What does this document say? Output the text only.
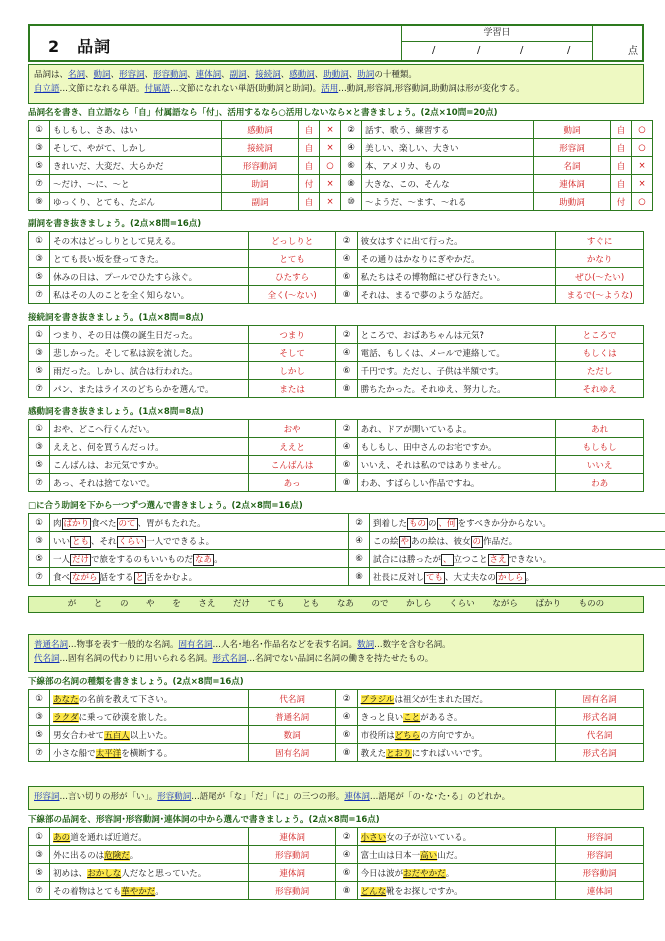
2　品詞
学習日
/	/	/	/	点
品詞は、名詞、動詞、形容詞、形容動詞、連体詞、副詞、接続詞、感動詞、助動詞、助詞の十種類。
自立語…文節になれる単語。付属語…文節になれない単語(助動詞と助詞)。活用…動詞,形容詞,形容動詞,助動詞は形が変化する。
品詞名を書き、自立語なら「自」付属語なら「付」、活用するなら○活用しないなら×と書きましょう。(2点×10問=20点)
①	もしもし、さあ、はい	感動詞	自	×	②	話す、歌う、練習する	動詞	自	○
③	そして、やがて、しかし	接続詞	自	×	④	美しい、楽しい、大きい	形容詞	自	○
⑤	きれいだ、大変だ、大らかだ	形容動詞	自	○	⑥	本、アメリカ、もの	名詞	自	×
⑦	～だけ、～に、～と	助詞	付	×	⑧	大きな、この、そんな	連体詞	自	×
⑨	ゆっくり、とても、たぶん	副詞	自	×	⑩	～ようだ、～ます、～れる	助動詞	付	○
副詞を書き抜きましょう。(2点×8問=16点)
①	その木はどっしりとして見える。	どっしりと	②	彼女はすぐに出て行った。	すぐに
③	とても長い坂を登ってきた。	とても	④	その通りはかなりにぎやかだ。	かなり
⑤	休みの日は、プールでひたすら泳ぐ。	ひたすら	⑥	私たちはその博物館にぜひ行きたい。	ぜひ(～たい)
⑦	私はその人のことを全く知らない。	全く(～ない)	⑧	それは、まるで夢のような話だ。	まるで(～ような)
接続詞を書き抜きましょう。(1点×8問=8点)
①	つまり、その日は僕の誕生日だった。	つまり	②	ところで、おばあちゃんは元気?	ところで
③	悲しかった。そして私は涙を流した。	そして	④	電話、もしくは、メールで連絡して。	もしくは
⑤	雨だった。しかし、試合は行われた。	しかし	⑥	千円です。ただし、子供は半額です。	ただし
⑦	パン、またはライスのどちらかを選んで。	または	⑧	勝ちたかった。それゆえ、努力した。	それゆえ
感動詞を書き抜きましょう。(1点×8問=8点)
①	おや、どこへ行くんだい。	おや	②	あれ、ドアが開いているよ。	あれ
③	ええと、何を買うんだっけ。	ええと	④	もしもし、田中さんのお宅ですか。	もしもし
⑤	こんばんは、お元気ですか。	こんばんは	⑥	いいえ、それは私のではありません。	いいえ
⑦	あっ、それは捨てないで。	あっ	⑧	わあ、すばらしい作品ですね。	わあ
□に合う助詞を下から一つずつ選んで書きましょう。(2点×8問=16点)
①	肉 ばかり 食べた のて 、胃がもたれた。	②	到着した もの の 、何 をすべきか分からない。
③	いい とも 、それ くらい 一人でできるよ。	④	この絵 や あの絵は、彼女 の 作品だ。
⑤	一人 だけ で旅をするのもいいものだ なあ 。	⑥	試合には勝ったが 、 立つこと さえ できない。
⑦	食べ ながら 話をする と 舌をかむよ。	⑧	社長に反対し ても 、大丈夫なの かしら 。
が と の や を さえ だけ ても とも なあ ので かしら くらい ながら ばかり ものの
普通名詞…物事を表す一般的な名詞。固有名詞…人名･地名･作品名などを表す名詞。数詞…数字を含む名詞。
代名詞…固有名詞の代わりに用いられる名詞。形式名詞…名詞でない品詞に名詞の働きを持たせたもの。
下線部の名詞の種類を書きましょう。(2点×8問=16点)
①	あなたの名前を教えて下さい。	代名詞	②	ブラジルは祖父が生まれた国だ。	固有名詞
③	ラクダに乗って砂漠を旅した。	普通名詞	④	きっと良いことがあるさ。	形式名詞
⑤	男女合わせて五百人以上いた。	数詞	⑥	市役所はどちらの方向ですか。	代名詞
⑦	小さな船で太平洋を横断する。	固有名詞	⑧	教えたとおりにすればいいです。	形式名詞
形容詞…言い切りの形が「い」。形容動詞…語尾が「な」「だ」「に」の三つの形。連体詞…語尾が「の･な･た･る」のどれか。
下線部の品詞を、形容詞･形容動詞･連体詞の中から選んで書きましょう。(2点×8問=16点)
①	あの道を通れば近道だ。	連体詞	②	小さい女の子が泣いている。	形容詞
③	外に出るのは危険だ。	形容動詞	④	富士山は日本一高い山だ。	形容詞
⑤	初めは、おかしな人だなと思っていた。	連体詞	⑥	今日は波がおだやかだ。	形容動詞
⑦	その着物はとても華やかだ。	形容動詞	⑧	どんな靴をお探しですか。	連体詞
